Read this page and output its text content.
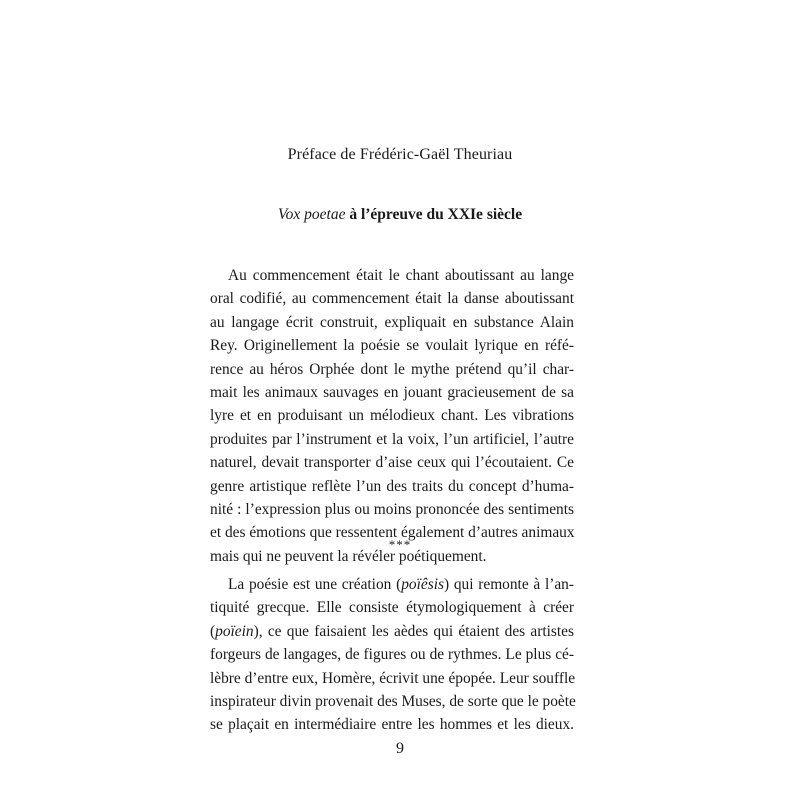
Préface de Frédéric-Gaël Theuriau
Vox poetae à l’épreuve du XXIe siècle
Au commencement était le chant aboutissant au lange
oral codifié, au commencement était la danse aboutissant
au langage écrit construit, expliquait en substance Alain
Rey. Originellement la poésie se voulait lyrique en réfé-
rence au héros Orphée dont le mythe prétend qu’il char-
mait les animaux sauvages en jouant gracieusement de sa
lyre et en produisant un mélodieux chant. Les vibrations
produites par l’instrument et la voix, l’un artificiel, l’autre
naturel, devait transporter d’aise ceux qui l’écoutaient. Ce
genre artistique reflète l’un des traits du concept d’huma-
nité : l’expression plus ou moins prononcée des sentiments
et des émotions que ressentent également d’autres animaux
mais qui ne peuvent la révéler poétiquement.
***
La poésie est une création (poïêsis) qui remonte à l’an-
tiquité grecque. Elle consiste étymologiquement à créer
(poïein), ce que faisaient les aèdes qui étaient des artistes
forgeurs de langages, de figures ou de rythmes. Le plus cé-
lèbre d’entre eux, Homère, écrivit une épopée. Leur souffle
inspirateur divin provenait des Muses, de sorte que le poète
se plaçait en intermédiaire entre les hommes et les dieux.
9
